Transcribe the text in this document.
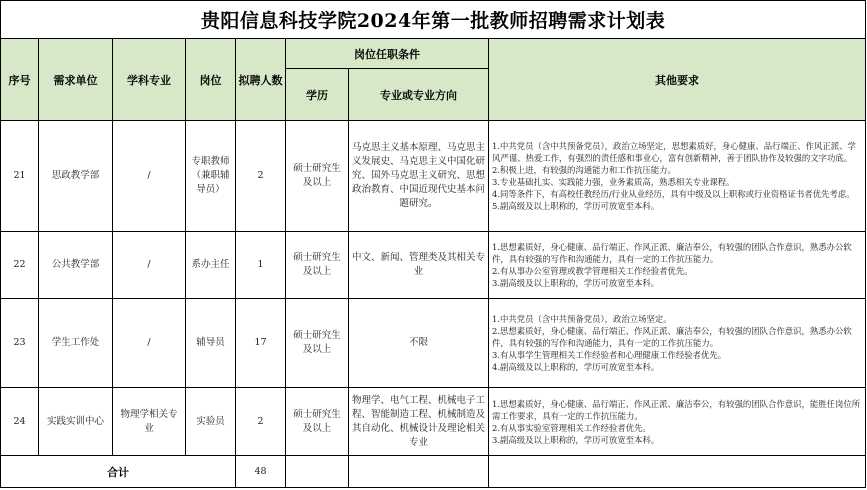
贵阳信息科技学院2024年第一批教师招聘需求计划表							
序号	需求单位	学科专业	岗位	拟聘人数	岗位任职条件		其他要求
					学历	专业或专业方向	
21	思政教学部	/	专职教师（兼职辅导员）	2	硕士研究生及以上	马克思主义基本原理、马克思主义发展史、马克思主义中国化研究、国外马克思主义研究、思想政治教育、中国近现代史基本问题研究。	1.中共党员（含中共预备党员），政治立场坚定，思想素质好，身心健康、品行端正、作风正派、学风严谨、热爱工作，有强烈的责任感和事业心，富有创新精神，善于团队协作及较强的文字功底。
2.积极上进，有较强的沟通能力和工作抗压能力。
3.专业基础扎实、实践能力强，业务素质高，熟悉相关专业课程。
4.同等条件下，有高校任教经历/行业从业经历，具有中级及以上职称或行业资格证书者优先考虑。
5.副高级及以上职称的，学历可放宽至本科。

22	公共教学部	/	系办主任	1	硕士研究生及以上	中文、新闻、管理类及其相关专业	1.思想素质好，身心健康、品行端正、作风正派、廉洁奉公，有较强的团队合作意识，熟悉办公软件，具有较强的写作和沟通能力，具有一定的工作抗压能力。
2.有从事办公室管理或教学管理相关工作经验者优先。
3.副高级及以上职称的，学历可放宽至本科。

23	学生工作处	/	辅导员	17	硕士研究生及以上	不限	1.中共党员（含中共预备党员），政治立场坚定。
2.思想素质好，身心健康、品行端正、作风正派、廉洁奉公，有较强的团队合作意识，熟悉办公软件，具有较强的写作和沟通能力，具有一定的工作抗压能力。
3.有从事学生管理相关工作经验者和心理健康工作经验者优先。
4.副高级及以上职称的，学历可放宽至本科。

24	实践实训中心	物理学相关专业	实验员	2	硕士研究生及以上	物理学、电气工程、机械电子工程、智能制造工程、机械制造及其自动化、机械设计及理论相关专业	1.思想素质好，身心健康、品行端正、作风正派、廉洁奉公，有较强的团队合作意识，能胜任岗位所需工作要求，具有一定的工作抗压能力。
2.有从事实验室管理相关工作经验者优先。
3.副高级及以上职称的，学历可放宽至本科。

合计				48			
